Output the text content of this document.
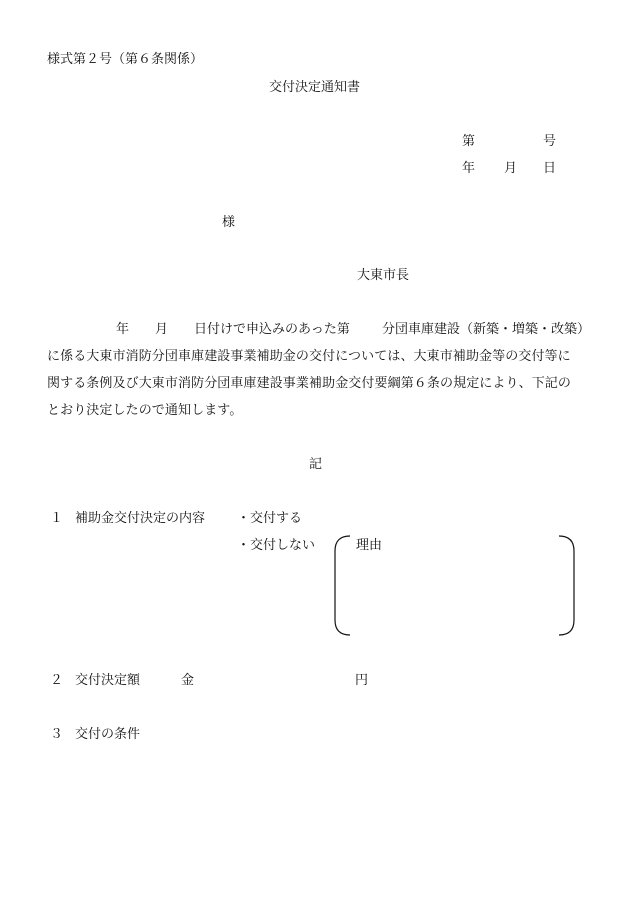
様式第２号（第６条関係）
交付決定通知書
第	号
年 月 日
様
大東市長
年 月 日付けで申込みのあった第 分団車庫建設（新築・増築・改築）
に係る大東市消防分団車庫建設事業補助金の交付については、大東市補助金等の交付等に
関する条例及び大東市消防分団車庫建設事業補助金交付要綱第６条の規定により、下記の
とおり決定したので通知します。
記
１ 補助金交付決定の内容 ・交付する
・交付しない	理由
２ 交付決定額	金	円
３ 交付の条件
